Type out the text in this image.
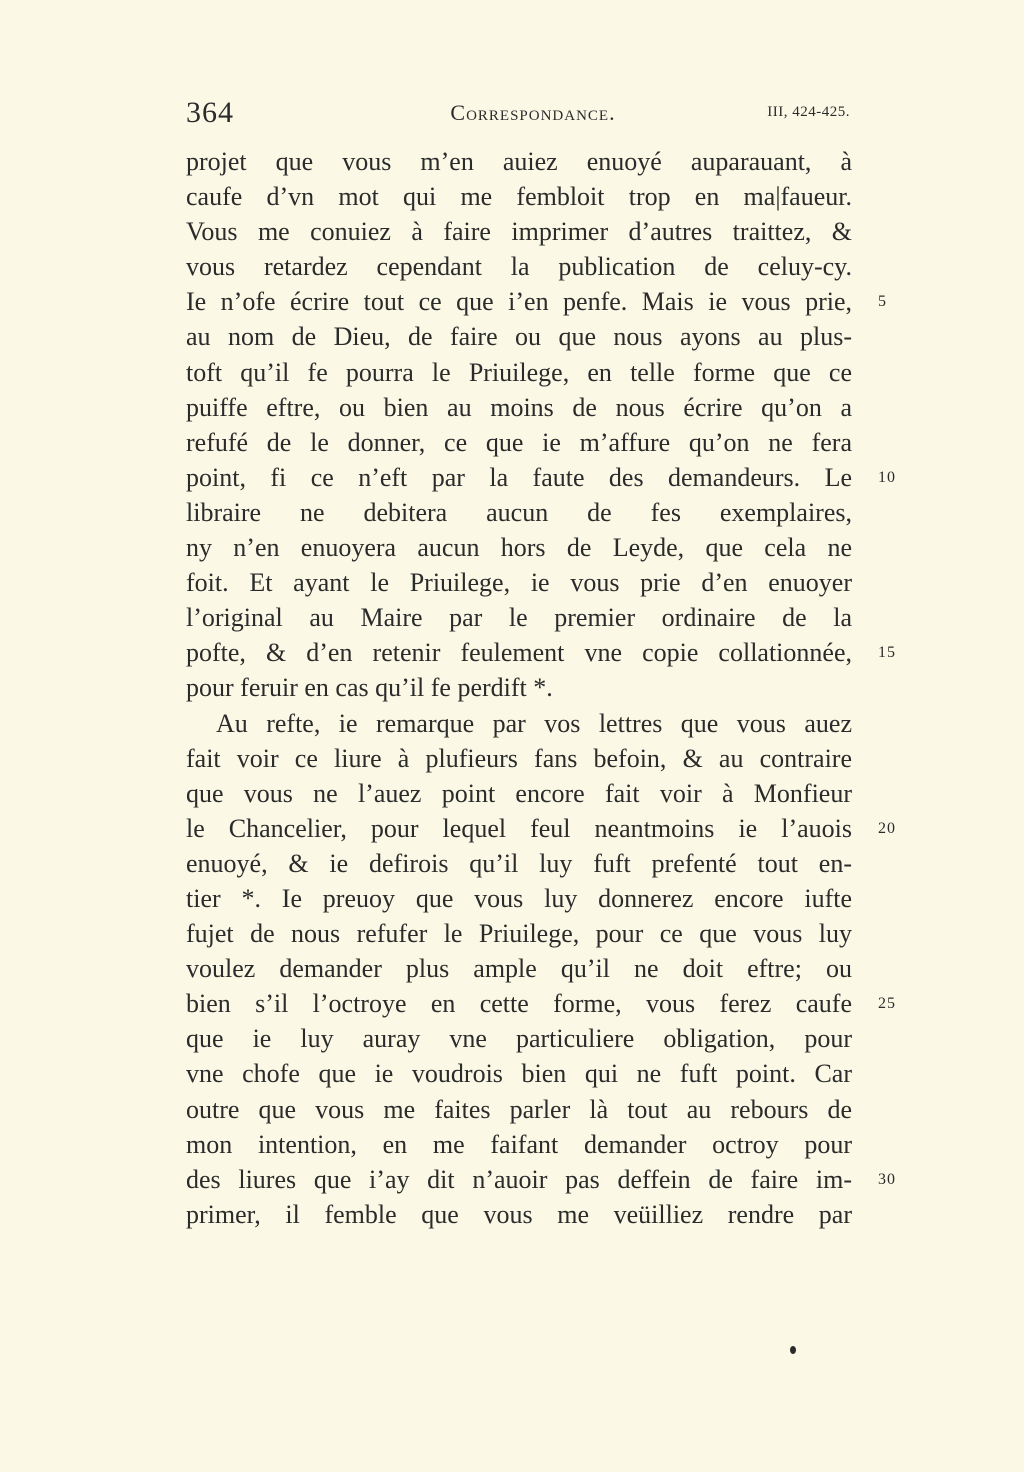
364	Correspondance.	III, 424-425.
projet que vous m’en auiez enuoyé auparauant, à
caufe d’vn mot qui me fembloit trop en ma|faueur.
Vous me conuiez à faire imprimer d’autres traittez, &
vous retardez cependant la publication de celuy-cy.
Ie n’ofe écrire tout ce que i’en penfe. Mais ie vous prie, 5
au nom de Dieu, de faire ou que nous ayons au plus-
toft qu’il fe pourra le Priuilege, en telle forme que ce
puiffe eftre, ou bien au moins de nous écrire qu’on a
refufé de le donner, ce que ie m’affure qu’on ne fera
point, fi ce n’eft par la faute des demandeurs. Le 10
libraire ne debitera aucun de fes exemplaires,
ny n’en enuoyera aucun hors de Leyde, que cela ne
foit. Et ayant le Priuilege, ie vous prie d’en enuoyer
l’original au Maire par le premier ordinaire de la
pofte, & d’en retenir feulement vne copie collationnée, 15
pour feruir en cas qu’il fe perdift *.
Au refte, ie remarque par vos lettres que vous auez
fait voir ce liure à plufieurs fans befoin, & au contraire
que vous ne l’auez point encore fait voir à Monfieur
le Chancelier, pour lequel feul neantmoins ie l’auois 20
enuoyé, & ie defirois qu’il luy fuft prefenté tout en-
tier *. Ie preuoy que vous luy donnerez encore iufte
fujet de nous refufer le Priuilege, pour ce que vous luy
voulez demander plus ample qu’il ne doit eftre; ou
bien s’il l’octroye en cette forme, vous ferez caufe 25
que ie luy auray vne particuliere obligation, pour
vne chofe que ie voudrois bien qui ne fuft point. Car
outre que vous me faites parler là tout au rebours de
mon intention, en me faifant demander octroy pour
des liures que i’ay dit n’auoir pas deffein de faire im- 30
primer, il femble que vous me veüilliez rendre par
